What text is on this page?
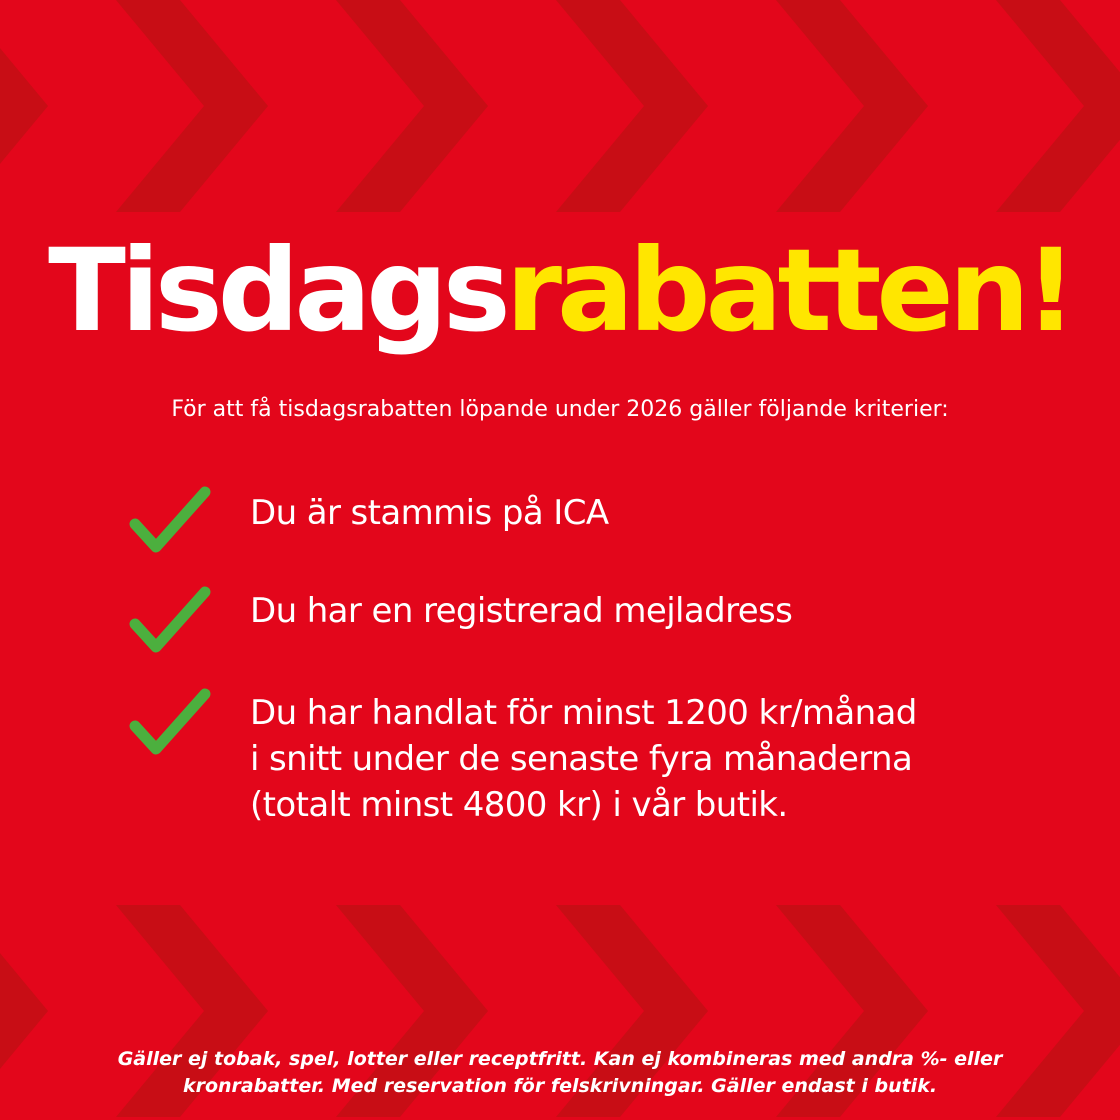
Tisdagsrabatten!
För att få tisdagsrabatten löpande under 2026 gäller följande kriterier:
Du är stammis på ICA
Du har en registrerad mejladress
Du har handlat för minst 1200 kr/månad
i snitt under de senaste fyra månaderna
(totalt minst 4800 kr) i vår butik.
Gäller ej tobak, spel, lotter eller receptfritt. Kan ej kombineras med andra %- eller
kronrabatter. Med reservation för felskrivningar. Gäller endast i butik.
